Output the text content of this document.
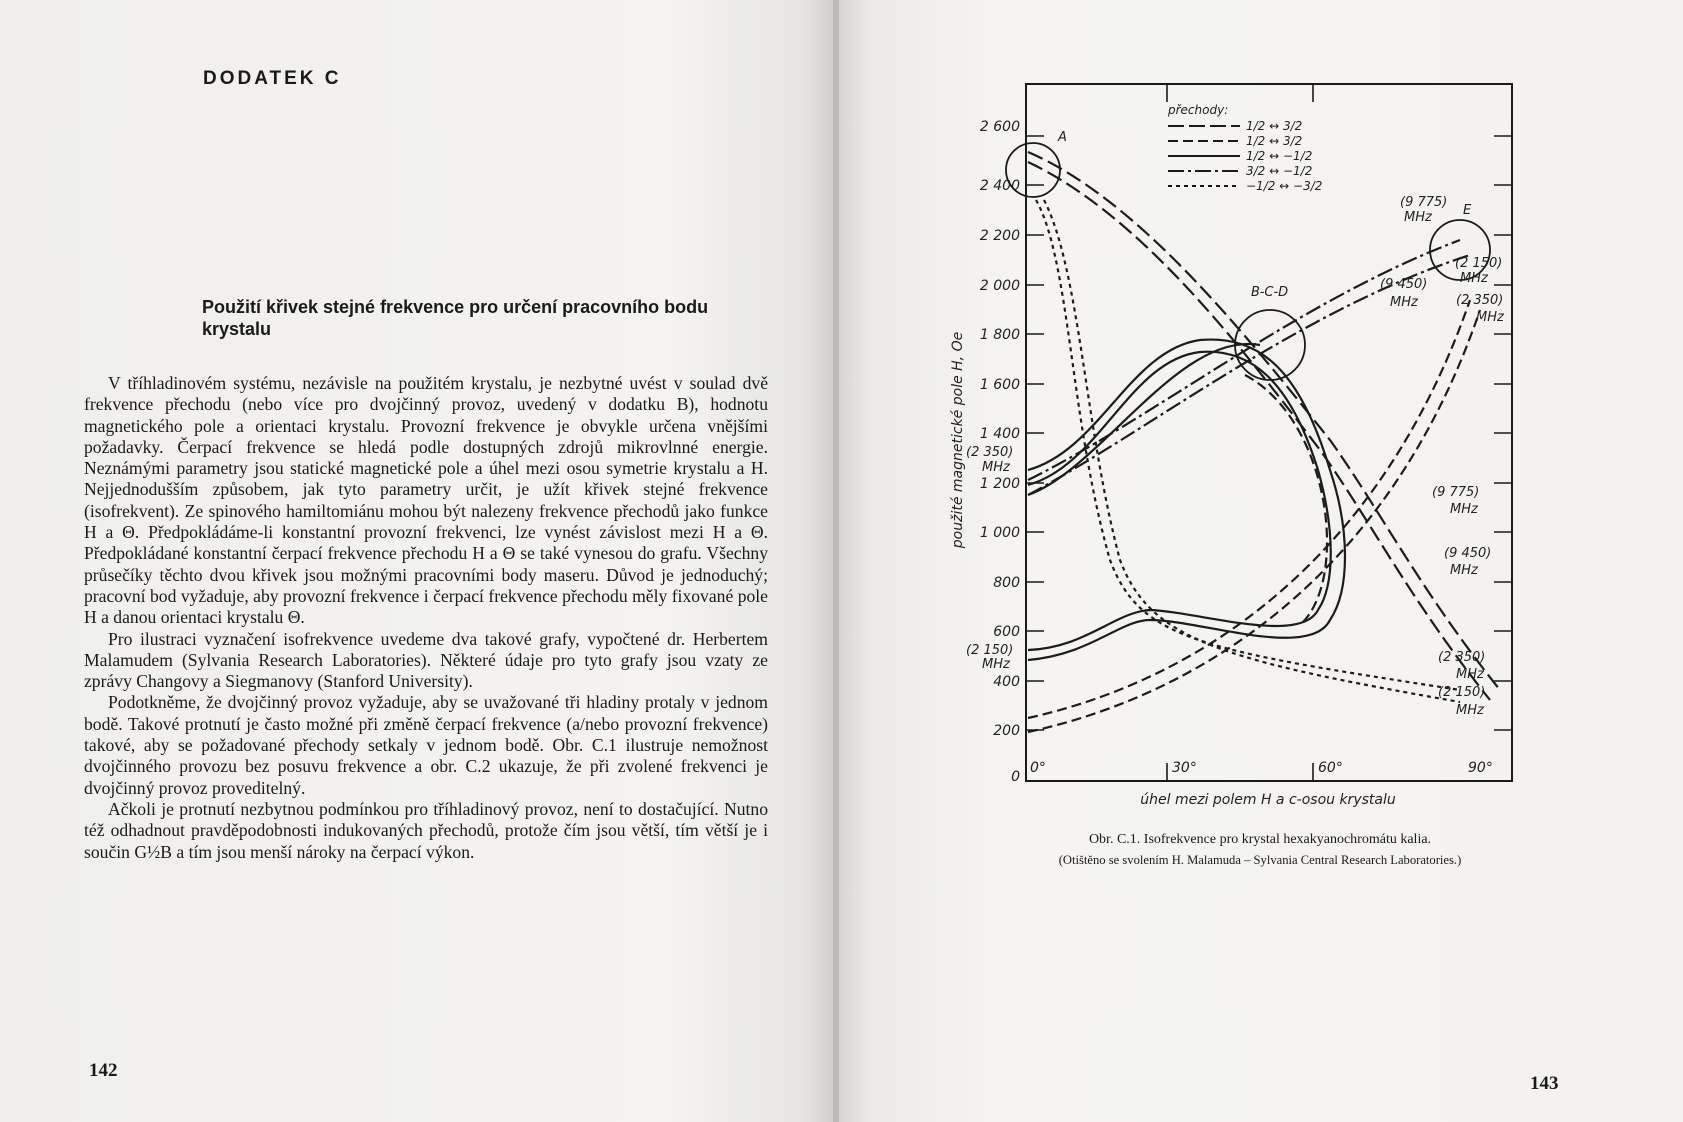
DODATEK C
Použití křivek stejné frekvence pro určení pracovního bodu krystalu

V tříhladinovém systému, nezávisle na použitém krystalu, je nezbytné uvést v soulad dvě frekvence přechodu (nebo více pro dvojčinný provoz, uvedený v dodatku B), hodnotu magnetického pole a orientaci krystalu. Provozní frekvence je obvykle určena vnějšími požadavky. Čerpací frekvence se hledá podle dostupných zdrojů mikrovlnné energie. Neznámými parametry jsou statické magnetické pole a úhel mezi osou symetrie krystalu a H. Nejjednodušším způsobem, jak tyto parametry určit, je užít křivek stejné frekvence (isofrekvent). Ze spinového hamiltomiánu mohou být nalezeny frekvence přechodů jako funkce H a Θ. Předpokládáme-li konstantní provozní frekvenci, lze vynést závislost mezi H a Θ. Předpokládané konstantní čerpací frekvence přechodu H a Θ se také vynesou do grafu. Všechny průsečíky těchto dvou křivek jsou možnými pracovními body maseru. Důvod je jednoduchý; pracovní bod vyžaduje, aby provozní frekvence i čerpací frekvence přechodu měly fixované pole H a danou orientaci krystalu Θ.

Pro ilustraci vyznačení isofrekvence uvedeme dva takové grafy, vypočtené dr. Herbertem Malamudem (Sylvania Research Laboratories). Některé údaje pro tyto grafy jsou vzaty ze zprávy Changovy a Siegmanovy (Stanford University).

Podotkněme, že dvojčinný provoz vyžaduje, aby se uvažované tři hladiny protaly v jednom bodě. Takové protnutí je často možné při změně čerpací frekvence (a/nebo provozní frekvence) takové, aby se požadované přechody setkaly v jednom bodě. Obr. C.1 ilustruje nemožnost dvojčinného provozu bez posuvu frekvence a obr. C.2 ukazuje, že při zvolené frekvenci je dvojčinný provoz proveditelný.

Ačkoli je protnutí nezbytnou podmínkou pro tříhladinový provoz, není to dostačující. Nutno též odhadnout pravděpodobnosti indukovaných přechodů, protože čím jsou větší, tím větší je i součin G½B a tím jsou menší nároky na čerpací výkon.

142
2 600
2 400
2 200
2 000
1 800
1 600
1 400
1 200
1 000
800
600
400
200
0
0°	30°	60°	90°
úhel mezi polem H a c-osou krystalu
použité magnetické pole H, Oe
přechody:
1/2 ↔ 3/2
1/2 ↔ 3/2
1/2 ↔ −1/2
3/2 ↔ −1/2
−1/2 ↔ −3/2
A
B-C-D
E
(9 775)
MHz
(9 450)
MHz
(2 150)
MHz
(2 350)
MHz
(2 350)
MHz
(9 775)
MHz
(9 450)
MHz
(2 150)
MHz	(2 350)
MHz
(2 150)
MHz
Obr. C.1. Isofrekvence pro krystal hexakyanochromátu kalia.
(Otištěno se svolením H. Malamuda – Sylvania Central Research Laboratories.)
143
